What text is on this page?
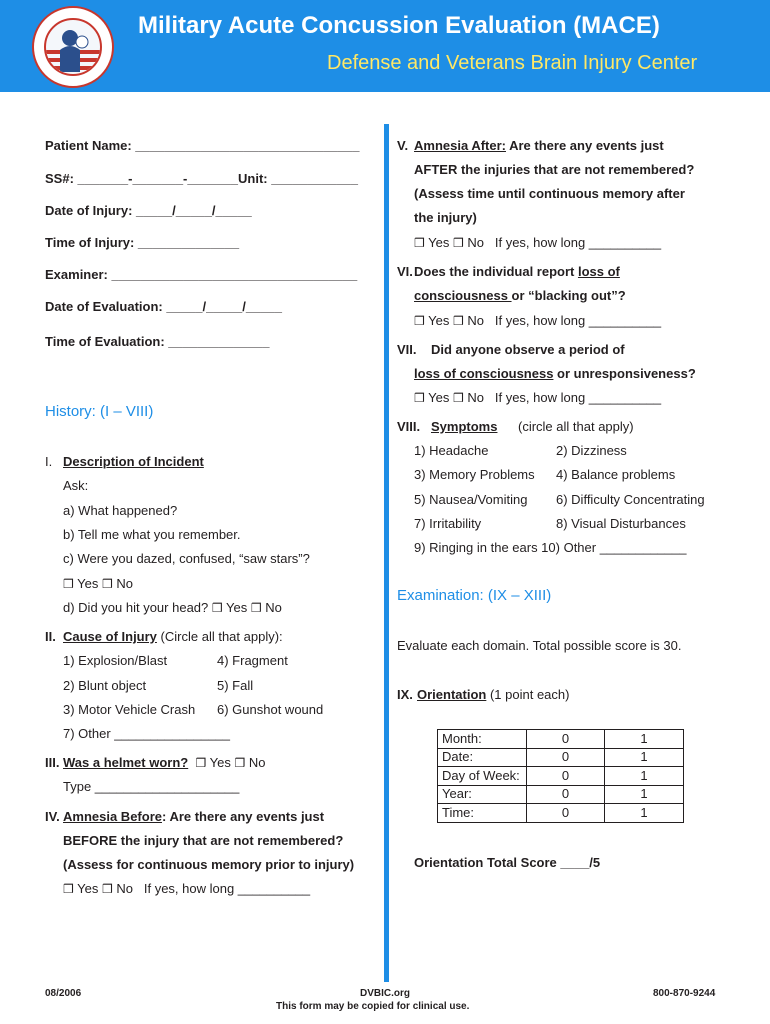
Military Acute Concussion Evaluation (MACE)
Defense and Veterans Brain Injury Center
Patient Name: _______________________________
SS#: _______-_______-_______Unit: ____________
Date of Injury: _____/_____/_____
Time of Injury: ______________
Examiner: __________________________________
Date of Evaluation: _____/_____/_____
Time of Evaluation: ______________
History: (I – VIII)
I. Description of Incident
Ask:
a) What happened?
b) Tell me what you remember.
c) Were you dazed, confused, “saw stars”?
❒ Yes ❒ No
d) Did you hit your head? ❒ Yes ❒ No
II. Cause of Injury (Circle all that apply):
1) Explosion/Blast	4) Fragment
2) Blunt object	5) Fall
3) Motor Vehicle Crash 6) Gunshot wound
7) Other ________________
III. Was a helmet worn? ❒ Yes ❒ No
Type ____________________
IV. Amnesia Before: Are there any events just
BEFORE the injury that are not remembered?
(Assess for continuous memory prior to injury)
❒ Yes ❒ No If yes, how long __________
V. Amnesia After: Are there any events just
AFTER the injuries that are not remembered?
(Assess time until continuous memory after
the injury)
❒ Yes ❒ No If yes, how long __________
VI. Does the individual report loss of
consciousness or “blacking out”?
❒ Yes ❒ No If yes, how long __________
VII. Did anyone observe a period of
loss of consciousness or unresponsiveness?
❒ Yes ❒ No If yes, how long __________
VIII. Symptoms (circle all that apply)
1) Headache	2) Dizziness
3) Memory Problems 4) Balance problems
5) Nausea/Vomiting 6) Difficulty Concentrating
7) Irritability	8) Visual Disturbances
9) Ringing in the ears 10) Other ____________
Examination: (IX – XIII)
Evaluate each domain. Total possible score is 30.
IX. Orientation (1 point each)
Month:	0	1
Date:	0	1
Day of Week:	0	1
Year:	0	1
Time:	0	1
Orientation Total Score ____/5
08/2006	DVBIC.org
This form may be copied for clinical use.
800-870-9244
